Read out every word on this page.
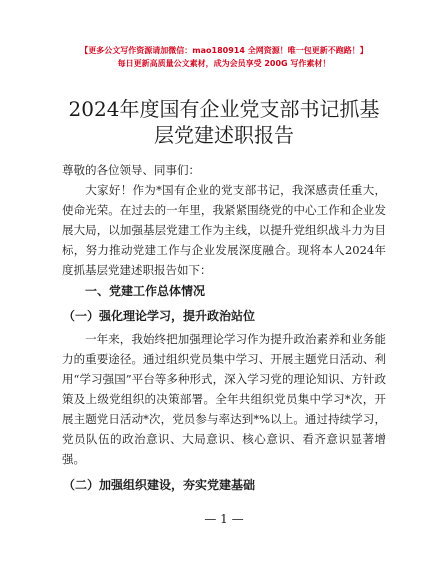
【更多公文写作资源请加微信：mao180914 全网资源！唯一包更新不跑路！】
每日更新高质量公文素材，成为会员享受 200G 写作素材！
2024年度国有企业党支部书记抓基层党建述职报告
尊敬的各位领导、同事们：
大家好！作为*国有企业的党支部书记，我深感责任重大，使命光荣。在过去的一年里，我紧紧围绕党的中心工作和企业发展大局，以加强基层党建工作为主线，以提升党组织战斗力为目标，努力推动党建工作与企业发展深度融合。现将本人2024年度抓基层党建述职报告如下：
一、党建工作总体情况
（一）强化理论学习，提升政治站位
一年来，我始终把加强理论学习作为提升政治素养和业务能力的重要途径。通过组织党员集中学习、开展主题党日活动、利用“学习强国”平台等多种形式，深入学习党的理论知识、方针政策及上级党组织的决策部署。全年共组织党员集中学习*次，开展主题党日活动*次，党员参与率达到*%以上。通过持续学习，党员队伍的政治意识、大局意识、核心意识、看齐意识显著增强。
（二）加强组织建设，夯实党建基础
— 1 —
